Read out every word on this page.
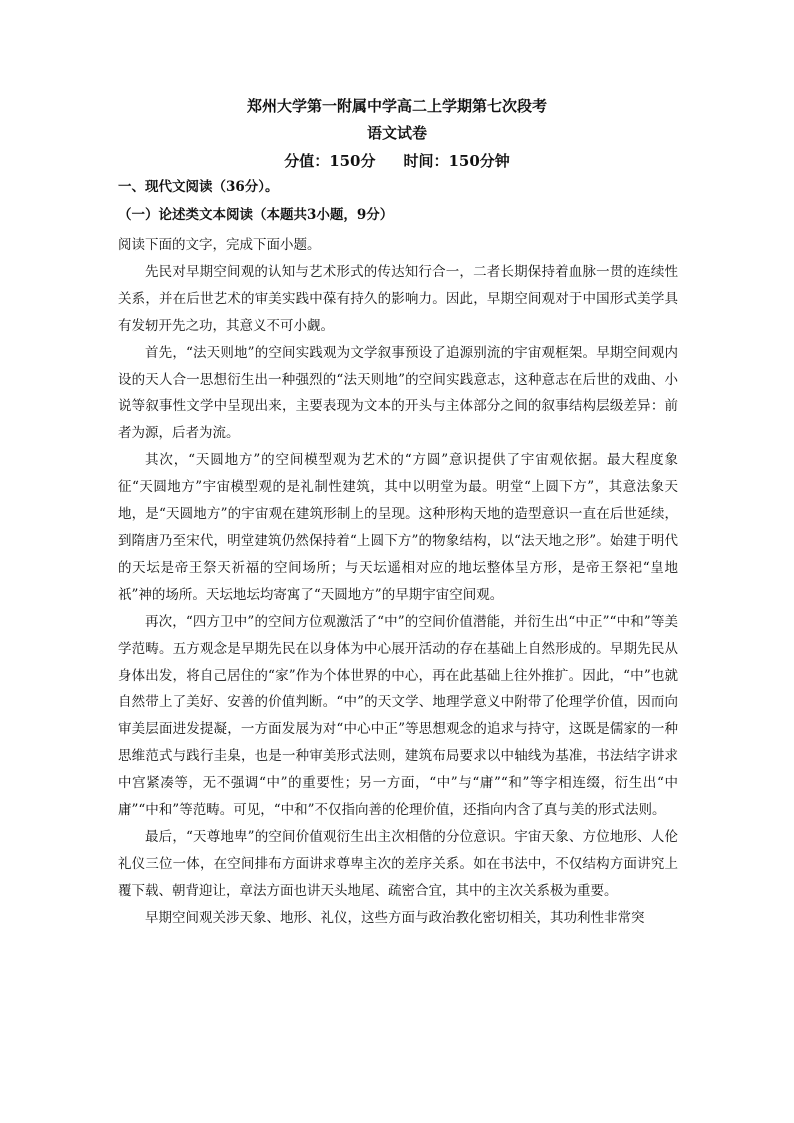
郑州大学第一附属中学高二上学期第七次段考
语文试卷
分值：150分 时间：150分钟
一、现代文阅读（36分）。
（一）论述类文本阅读（本题共3小题，9分）

阅读下面的文字，完成下面小题。

先民对早期空间观的认知与艺术形式的传达知行合一，二者长期保持着血脉一贯的连续性关系，并在后世艺术的审美实践中葆有持久的影响力。因此，早期空间观对于中国形式美学具有发轫开先之功，其意义不可小觑。

首先，“法天则地”的空间实践观为文学叙事预设了追源别流的宇宙观框架。早期空间观内设的天人合一思想衍生出一种强烈的“法天则地”的空间实践意志，这种意志在后世的戏曲、小说等叙事性文学中呈现出来，主要表现为文本的开头与主体部分之间的叙事结构层级差异：前者为源，后者为流。

其次，“天圆地方”的空间模型观为艺术的“方圆”意识提供了宇宙观依据。最大程度象征“天圆地方”宇宙模型观的是礼制性建筑，其中以明堂为最。明堂“上圆下方”，其意法象天地，是“天圆地方”的宇宙观在建筑形制上的呈现。这种形构天地的造型意识一直在后世延续，到隋唐乃至宋代，明堂建筑仍然保持着“上圆下方”的物象结构，以“法天地之形”。始建于明代的天坛是帝王祭天祈福的空间场所；与天坛遥相对应的地坛整体呈方形，是帝王祭祀“皇地祇”神的场所。天坛地坛均寄寓了“天圆地方”的早期宇宙空间观。

再次，“四方卫中”的空间方位观激活了“中”的空间价值潜能，并衍生出“中正”“中和”等美学范畴。五方观念是早期先民在以身体为中心展开活动的存在基础上自然形成的。早期先民从身体出发，将自己居住的“家”作为个体世界的中心，再在此基础上往外推扩。因此，“中”也就自然带上了美好、安善的价值判断。“中”的天文学、地理学意义中附带了伦理学价值，因而向审美层面进发提凝，一方面发展为对“中心中正”等思想观念的追求与持守，这既是儒家的一种思维范式与践行圭臬，也是一种审美形式法则，建筑布局要求以中轴线为基准，书法结字讲求中宫紧凑等，无不强调“中”的重要性；另一方面，“中”与“庸”“和”等字相连缀，衍生出“中庸”“中和”等范畴。可见，“中和”不仅指向善的伦理价值，还指向内含了真与美的形式法则。

最后，“天尊地卑”的空间价值观衍生出主次相偕的分位意识。宇宙天象、方位地形、人伦礼仪三位一体，在空间排布方面讲求尊卑主次的差序关系。如在书法中，不仅结构方面讲究上覆下载、朝背迎让，章法方面也讲天头地尾、疏密合宜，其中的主次关系极为重要。

早期空间观关涉天象、地形、礼仪，这些方面与政治教化密切相关，其功利性非常突
